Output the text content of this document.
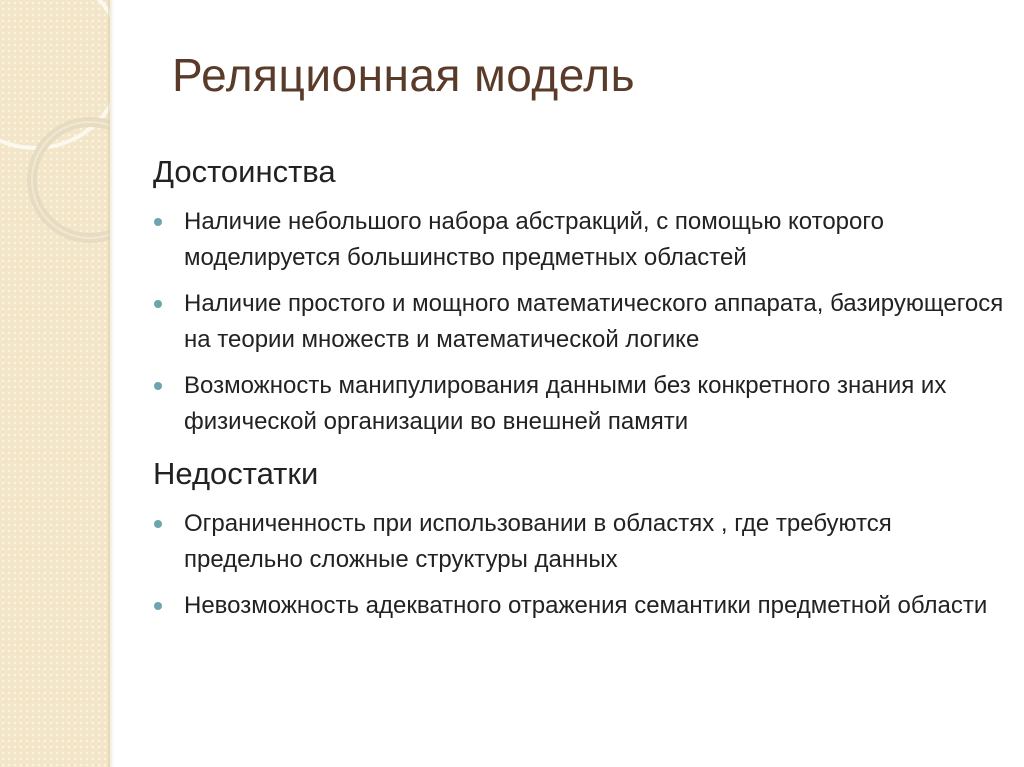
Реляционная модель
Достоинства
Наличие небольшого набора абстракций, с помощью которого моделируется большинство предметных областей
Наличие простого и мощного математического аппарата, базирующегося на теории множеств и математической логике
Возможность манипулирования данными без конкретного знания их физической организации во внешней памяти
Недостатки
Ограниченность при использовании в областях , где требуются предельно сложные структуры данных
Невозможность адекватного отражения семантики предметной области
